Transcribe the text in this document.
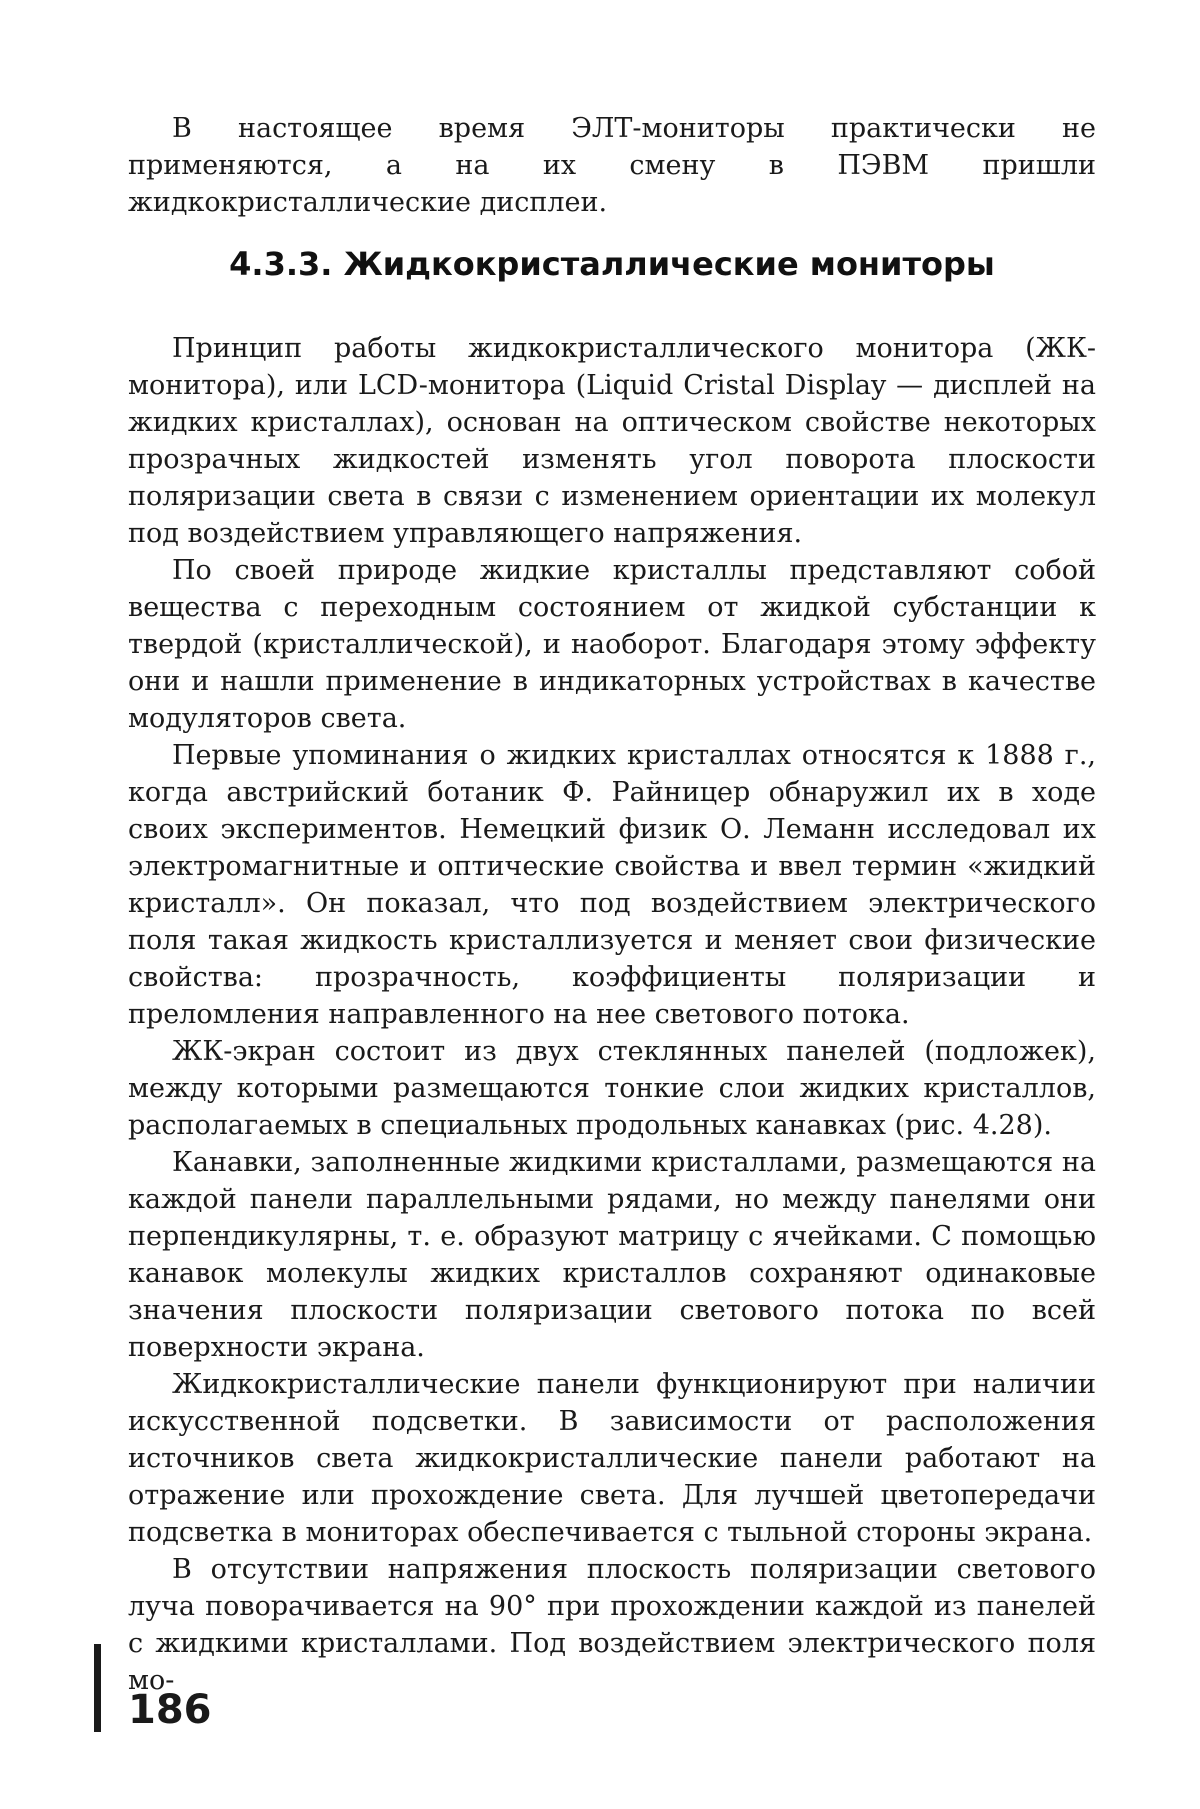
В настоящее время ЭЛТ-мониторы практически не применяются, а на их смену в ПЭВМ пришли жидкокристаллические дисплеи.

4.3.3. Жидкокристаллические мониторы

Принцип работы жидкокристаллического монитора (ЖК-монитора), или LCD-монитора (Liquid Cristal Display — дисплей на жидких кристаллах), основан на оптическом свойстве некоторых прозрачных жидкостей изменять угол поворота плоскости поляризации света в связи с изменением ориентации их молекул под воздействием управляющего напряжения.

По своей природе жидкие кристаллы представляют собой вещества с переходным состоянием от жидкой субстанции к твердой (кристаллической), и наоборот. Благодаря этому эффекту они и нашли применение в индикаторных устройствах в качестве модуляторов света.

Первые упоминания о жидких кристаллах относятся к 1888 г., когда австрийский ботаник Ф. Райницер обнаружил их в ходе своих экспериментов. Немецкий физик О. Леманн исследовал их электромагнитные и оптические свойства и ввел термин «жидкий кристалл». Он показал, что под воздействием электрического поля такая жидкость кристаллизуется и меняет свои физические свойства: прозрачность, коэффициенты поляризации и преломления направленного на нее светового потока.

ЖК-экран состоит из двух стеклянных панелей (подложек), между которыми размещаются тонкие слои жидких кристаллов, располагаемых в специальных продольных канавках (рис. 4.28).

Канавки, заполненные жидкими кристаллами, размещаются на каждой панели параллельными рядами, но между панелями они перпендикулярны, т. е. образуют матрицу с ячейками. С помощью канавок молекулы жидких кристаллов сохраняют одинаковые значения плоскости поляризации светового потока по всей поверхности экрана.

Жидкокристаллические панели функционируют при наличии искусственной подсветки. В зависимости от расположения источников света жидкокристаллические панели работают на отражение или прохождение света. Для лучшей цветопередачи подсветка в мониторах обеспечивается с тыльной стороны экрана.

В отсутствии напряжения плоскость поляризации светового луча поворачивается на 90° при прохождении каждой из панелей с жидкими кристаллами. Под воздействием электрического поля мо-

186
